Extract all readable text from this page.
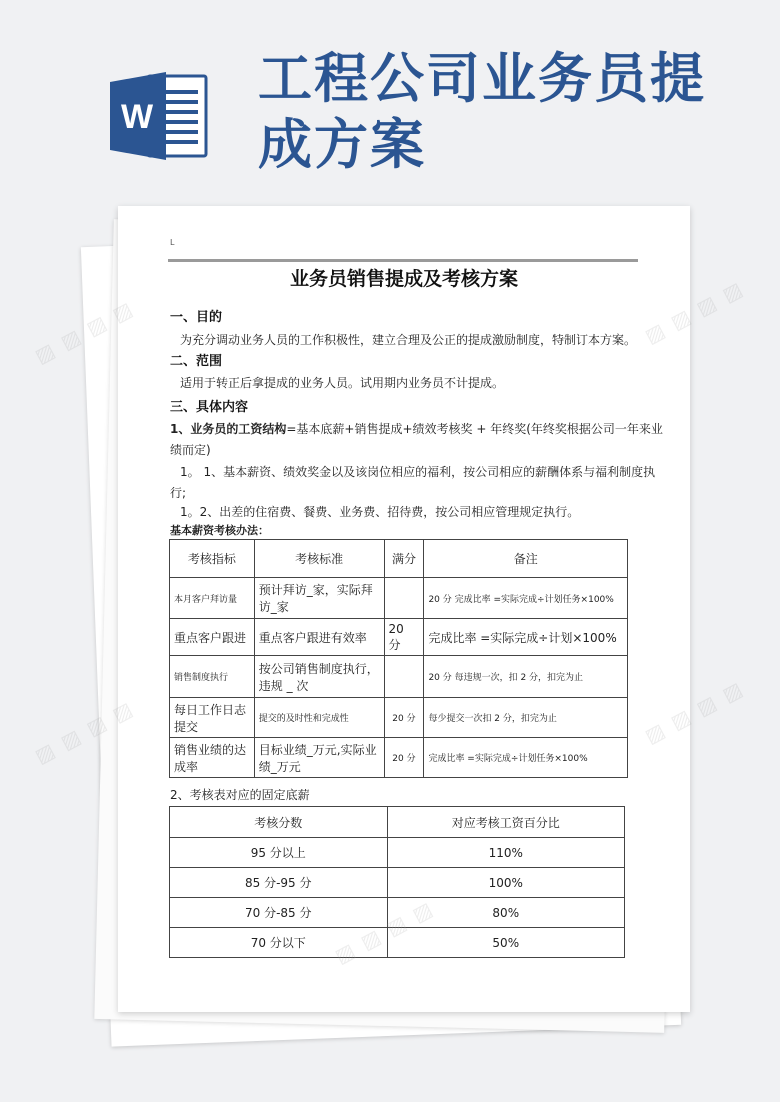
W
工程公司业务员提成方案
L
业务员销售提成及考核方案
一、目的
为充分调动业务人员的工作积极性，建立合理及公正的提成激励制度，特制订本方案。
二、范围
适用于转正后拿提成的业务人员。试用期内业务员不计提成。
三、具体内容
1、业务员的工资结构=基本底薪+销售提成+绩效考核奖 + 年终奖(年终奖根据公司一年来业
绩而定)
1。 1、基本薪资、绩效奖金以及该岗位相应的福利，按公司相应的薪酬体系与福利制度执
行;
1。2、出差的住宿费、餐费、业务费、招待费，按公司相应管理规定执行。
基本薪资考核办法：
考核指标	考核标准	满分	备注
本月客户拜访量	预计拜访_家，实际拜访_家		20 分 完成比率 =实际完成÷计划任务×100%
重点客户跟进	重点客户跟进有效率	20 分	完成比率 =实际完成÷计划×100%
销售制度执行	按公司销售制度执行，违规 _ 次		20 分 每违规一次，扣 2 分，扣完为止
每日工作日志提交	提交的及时性和完成性	20 分	每少提交一次扣 2 分，扣完为止
销售业绩的达成率	目标业绩_万元,实际业绩_万元	20 分	完成比率 =实际完成÷计划任务×100%
2、考核表对应的固定底薪
考核分数	对应考核工资百分比
95 分以上	110%
85 分-95 分	100%
70 分-85 分	80%
70 分以下	50%
▨ ▨	▨ ▨ ▨ ▨
▨ ▨ ▨ ▨	▨ ▨ ▨ ▨
